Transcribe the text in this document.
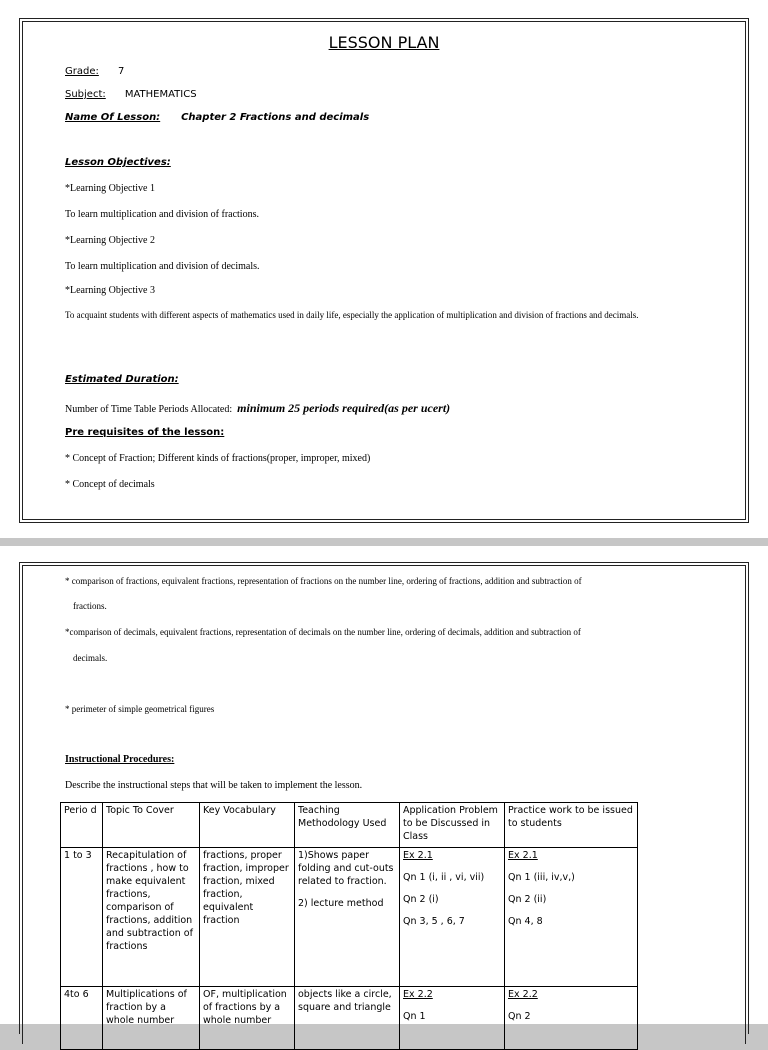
LESSON PLAN
Grade: 7
Subject: MATHEMATICS
Name Of Lesson: Chapter 2 Fractions and decimals
Lesson Objectives:
*Learning Objective 1
To learn multiplication and division of fractions.
*Learning Objective 2
To learn multiplication and division of decimals.
*Learning Objective 3
To acquaint students with different aspects of mathematics used in daily life, especially the application of multiplication and division of fractions and decimals.
Estimated Duration:
Number of Time Table Periods Allocated: minimum 25 periods required(as per ucert)
Pre requisites of the lesson:
* Concept of Fraction; Different kinds of fractions(proper, improper, mixed)
* Concept of decimals
* comparison of fractions, equivalent fractions, representation of fractions on the number line, ordering of fractions, addition and subtraction of
fractions.
*comparison of decimals, equivalent fractions, representation of decimals on the number line, ordering of decimals, addition and subtraction of
decimals.
* perimeter of simple geometrical figures
Instructional Procedures:
Describe the instructional steps that will be taken to implement the lesson.
Perio d	Topic To Cover	Key Vocabulary	Teaching Methodology Used	Application Problem to be Discussed in Class	Practice work to be issued to students
1 to 3	Recapitulation of fractions , how to make equivalent fractions, comparison of fractions, addition and subtraction of fractions	fractions, proper fraction, improper fraction, mixed fraction, equivalent fraction	1)Shows paper folding and cut-outs related to fraction.
2) lecture method	Ex 2.1
Qn 1 (i, ii , vi, vii)
Qn 2 (i)
Qn 3, 5 , 6, 7	Ex 2.1
Qn 1 (iii, iv,v,)
Qn 2 (ii)
Qn 4, 8

4to 6	Multiplications of fraction by a whole number	OF, multiplication of fractions by a whole number	objects like a circle, square and triangle	Ex 2.2
Qn 1	Ex 2.2
Qn 2
